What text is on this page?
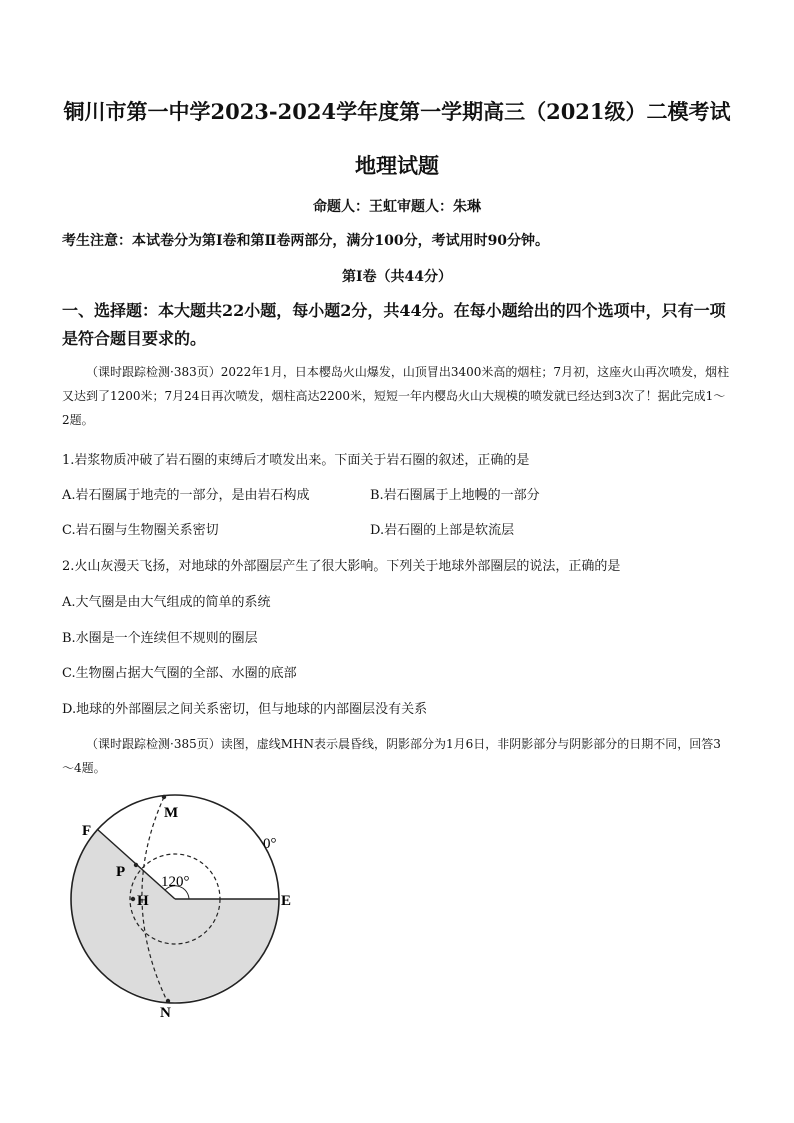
铜川市第一中学2023-2024学年度第一学期高三（2021级）二模考试
地理试题
命题人：王虹审题人：朱琳
考生注意：本试卷分为第Ⅰ卷和第Ⅱ卷两部分，满分100分，考试用时90分钟。
第Ⅰ卷（共44分）
一、选择题：本大题共22小题，每小题2分，共44分。在每小题给出的四个选项中，只有一项是符合题目要求的。
（课时跟踪检测·383页）2022年1月，日本樱岛火山爆发，山顶冒出3400米高的烟柱；7月初，这座火山再次喷发，烟柱又达到了1200米；7月24日再次喷发，烟柱高达2200米，短短一年内樱岛火山大规模的喷发就已经达到3次了！据此完成1～2题。
1.岩浆物质冲破了岩石圈的束缚后才喷发出来。下面关于岩石圈的叙述，正确的是
A.岩石圈属于地壳的一部分，是由岩石构成	B.岩石圈属于上地幔的一部分
C.岩石圈与生物圈关系密切	D.岩石圈的上部是软流层
2.火山灰漫天飞扬，对地球的外部圈层产生了很大影响。下列关于地球外部圈层的说法，正确的是
A.大气圈是由大气组成的简单的系统
B.水圈是一个连续但不规则的圈层
C.生物圈占据大气圈的全部、水圈的底部
D.地球的外部圈层之间关系密切，但与地球的内部圈层没有关系
（课时跟踪检测·385页）读图，虚线MHN表示晨昏线，阴影部分为1月6日，非阴影部分与阴影部分的日期不同，回答3～4题。
M
F
0°
P
120°
H	E
N
